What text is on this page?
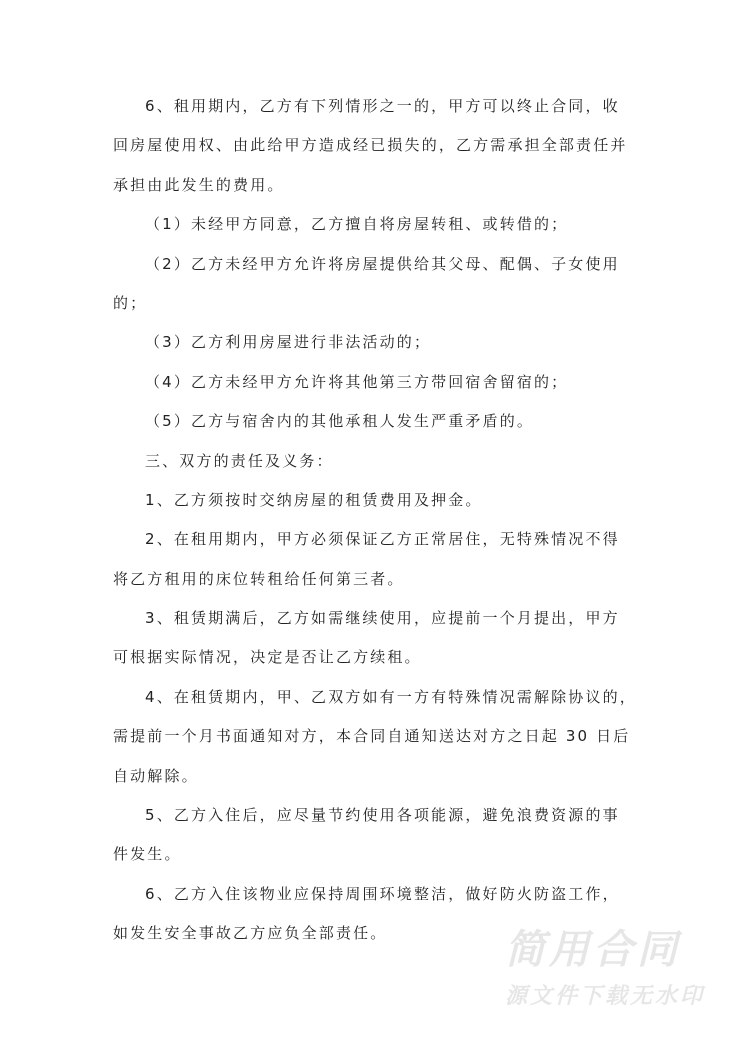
6、租用期内，乙方有下列情形之一的，甲方可以终止合同，收
回房屋使用权、由此给甲方造成经已损失的，乙方需承担全部责任并
承担由此发生的费用。
（1）未经甲方同意，乙方擅自将房屋转租、或转借的；
（2）乙方未经甲方允许将房屋提供给其父母、配偶、子女使用
的；
（3）乙方利用房屋进行非法活动的；
（4）乙方未经甲方允许将其他第三方带回宿舍留宿的；
（5）乙方与宿舍内的其他承租人发生严重矛盾的。
三、双方的责任及义务：
1、乙方须按时交纳房屋的租赁费用及押金。
2、在租用期内，甲方必须保证乙方正常居住，无特殊情况不得
将乙方租用的床位转租给任何第三者。
3、租赁期满后，乙方如需继续使用，应提前一个月提出，甲方
可根据实际情况，决定是否让乙方续租。
4、在租赁期内，甲、乙双方如有一方有特殊情况需解除协议的，
需提前一个月书面通知对方，本合同自通知送达对方之日起 30 日后
自动解除。
5、乙方入住后，应尽量节约使用各项能源，避免浪费资源的事
件发生。
6、乙方入住该物业应保持周围环境整洁，做好防火防盗工作，
如发生安全事故乙方应负全部责任。	简用合同
源文件下载无水印
